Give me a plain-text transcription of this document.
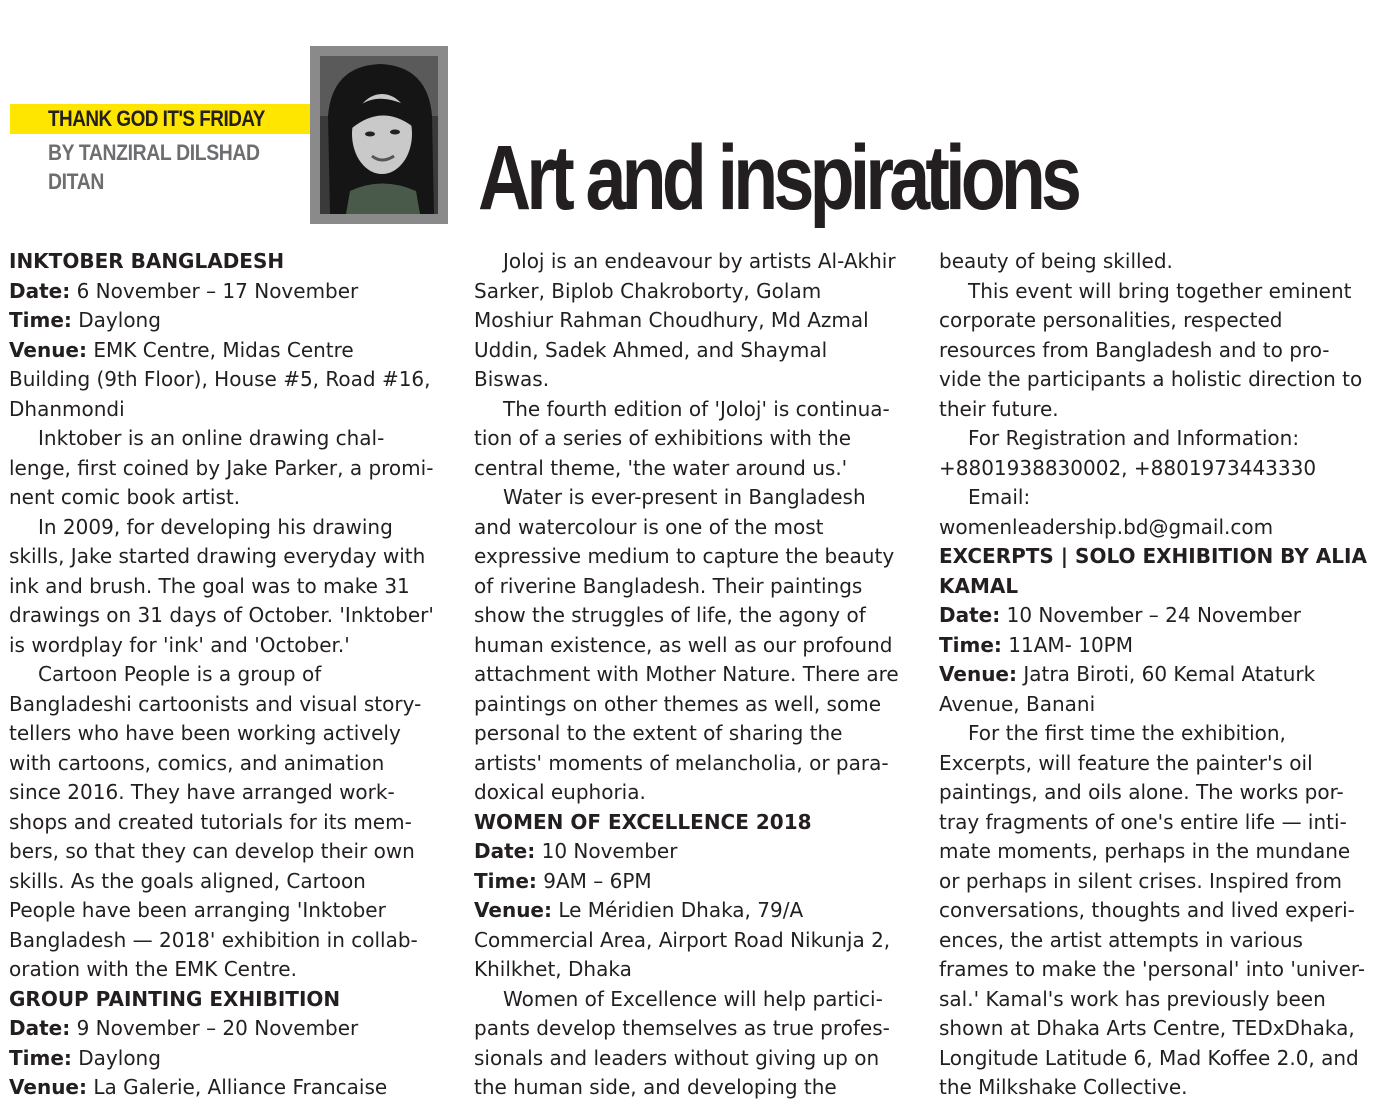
THANK GOD IT'S FRIDAY
BY TANZIRAL DILSHAD
DITAN	Art and inspirations

INKTOBER BANGLADESH

Date: 6 November – 17 November

Time: Daylong

Venue: EMK Centre, Midas Centre

Building (9th Floor), House #5, Road #16,

Dhanmondi

Inktober is an online drawing chal-
lenge, first coined by Jake Parker, a promi-
nent comic book artist.

In 2009, for developing his drawing
skills, Jake started drawing everyday with
ink and brush. The goal was to make 31
drawings on 31 days of October. 'Inktober'
is wordplay for 'ink' and 'October.'

Cartoon People is a group of
Bangladeshi cartoonists and visual story-
tellers who have been working actively
with cartoons, comics, and animation
since 2016. They have arranged work-
shops and created tutorials for its mem-
bers, so that they can develop their own
skills. As the goals aligned, Cartoon
People have been arranging 'Inktober
Bangladesh — 2018' exhibition in collab-
oration with the EMK Centre.

GROUP PAINTING EXHIBITION

Date: 9 November – 20 November

Time: Daylong

Venue: La Galerie, Alliance Francaise

Joloj is an endeavour by artists Al-Akhir
Sarker, Biplob Chakroborty, Golam
Moshiur Rahman Choudhury, Md Azmal
Uddin, Sadek Ahmed, and Shaymal
Biswas.

The fourth edition of 'Joloj' is continua-
tion of a series of exhibitions with the
central theme, 'the water around us.'

Water is ever-present in Bangladesh
and watercolour is one of the most
expressive medium to capture the beauty
of riverine Bangladesh. Their paintings
show the struggles of life, the agony of
human existence, as well as our profound
attachment with Mother Nature. There are
paintings on other themes as well, some
personal to the extent of sharing the
artists' moments of melancholia, or para-
doxical euphoria.

WOMEN OF EXCELLENCE 2018

Date: 10 November

Time: 9AM – 6PM

Venue: Le Méridien Dhaka, 79/A

Commercial Area, Airport Road Nikunja 2,

Khilkhet, Dhaka

Women of Excellence will help partici-
pants develop themselves as true profes-
sionals and leaders without giving up on
the human side, and developing the

beauty of being skilled.

This event will bring together eminent
corporate personalities, respected
resources from Bangladesh and to pro-
vide the participants a holistic direction to
their future.

For Registration and Information:
+8801938830002, +8801973443330

Email:

womenleadership.bd@gmail.com

EXCERPTS | SOLO EXHIBITION BY ALIA
KAMAL

Date: 10 November – 24 November

Time: 11AM- 10PM

Venue: Jatra Biroti, 60 Kemal Ataturk

Avenue, Banani

For the first time the exhibition,
Excerpts, will feature the painter's oil
paintings, and oils alone. The works por-
tray fragments of one's entire life — inti-
mate moments, perhaps in the mundane
or perhaps in silent crises. Inspired from
conversations, thoughts and lived experi-
ences, the artist attempts in various
frames to make the 'personal' into 'univer-
sal.' Kamal's work has previously been
shown at Dhaka Arts Centre, TEDxDhaka,
Longitude Latitude 6, Mad Koffee 2.0, and
the Milkshake Collective.
